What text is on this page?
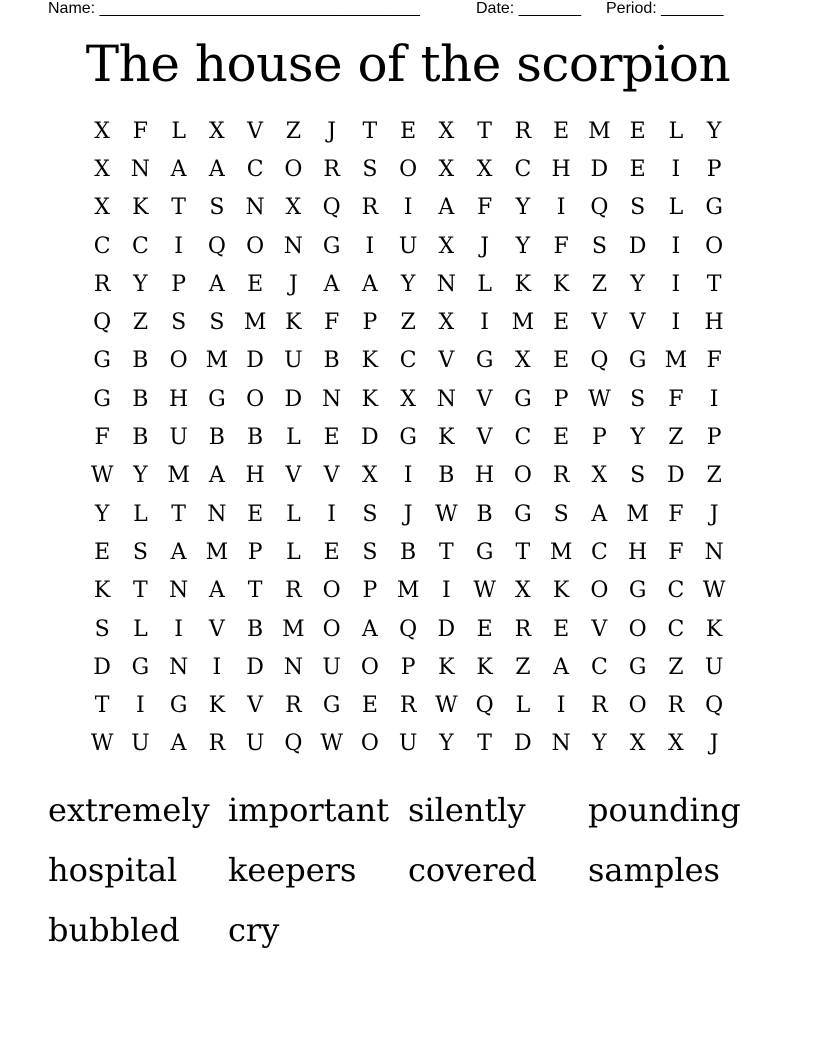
Name: ____________________________________	Date: _______ Period: _______
The house of the scorpion
X	F	L	X	V	Z	J	T	E	X	T	R E M E	L	Y
X N A	A C O R	S O X	X	C H D E	I	P
X	K	T	S N X Q R	I	A	F	Y	I	Q S	L	G
C C	I	Q O N G	I	U X	J	Y	F	S D	I	O
R	Y	P	A	E	J	A	A	Y N L	K K	Z	Y	I	T
Q Z	S	S M K	F	P	Z	X	I	M E	V	V	I	H
G B O M D U B K C V G X	E Q G M F
G B H G O D N K	X N V G	P W S	F	I
F	B U B	B	L	E D G K	V C E	P	Y	Z	P
W Y M A H V	V	X	I	B H O R	X	S D Z
Y	L	T N E	L	I	S	J	W B G S	A M F	J
E	S	A M P	L	E	S	B	T	G	T M C H F N
K	T N A	T	R O P M	I	W X	K O G C W
S	L	I	V	B M O A Q D E R E	V O C K
D G N	I	D N U O P	K K	Z	A C G Z U
T	I	G K	V	R G E R W Q L	I	R O R Q
W U A	R U Q W O U Y	T	D N Y	X	X	J
extremely important silently	pounding
hospital	keepers	covered	samples
bubbled	cry
